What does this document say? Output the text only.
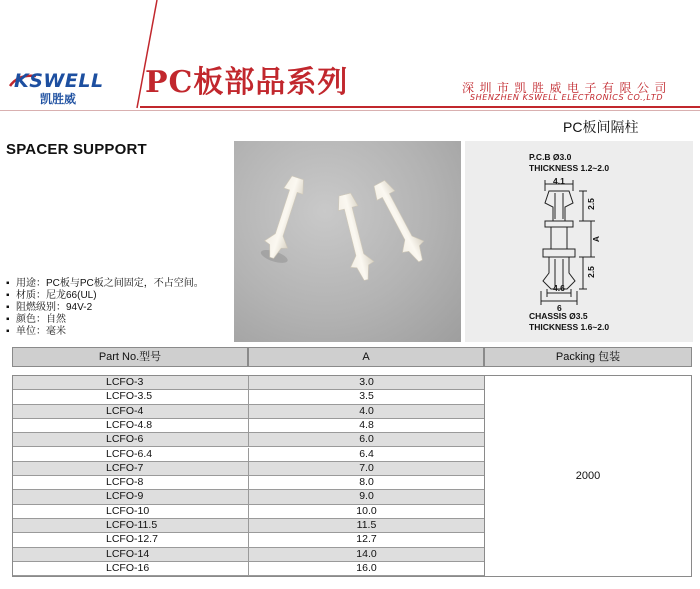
KSWELL
凯胜威 PC板部品系列	深圳市凯胜威电子有限公司
SHENZHEN KSWELL ELECTRONICS CO.,LTD
PC板间隔柱
SPACER SUPPORT	P.C.B Ø3.0
THICKNESS 1.2~2.0
4.1
2.5
A
2.5
4.6
6
CHASSIS Ø3.5
THICKNESS 1.6~2.0
▪ 用途：PC板与PC板之间固定，不占空间。
▪ 材质：尼龙66(UL)
▪ 阻燃级别：94V-2
▪ 颜色：自然
▪ 单位：毫米
Part No.型号	A	Packing 包装
LCFO-3	3.0
LCFO-3.5	3.5
LCFO-4	4.0
LCFO-4.8	4.8
LCFO-6	6.0
LCFO-6.4	6.4
LCFO-7	7.0
LCFO-8	8.0
LCFO-9	9.0
LCFO-10	10.0
LCFO-11.5	11.5
LCFO-12.7	12.7
LCFO-14	14.0
LCFO-16	16.0
2000
